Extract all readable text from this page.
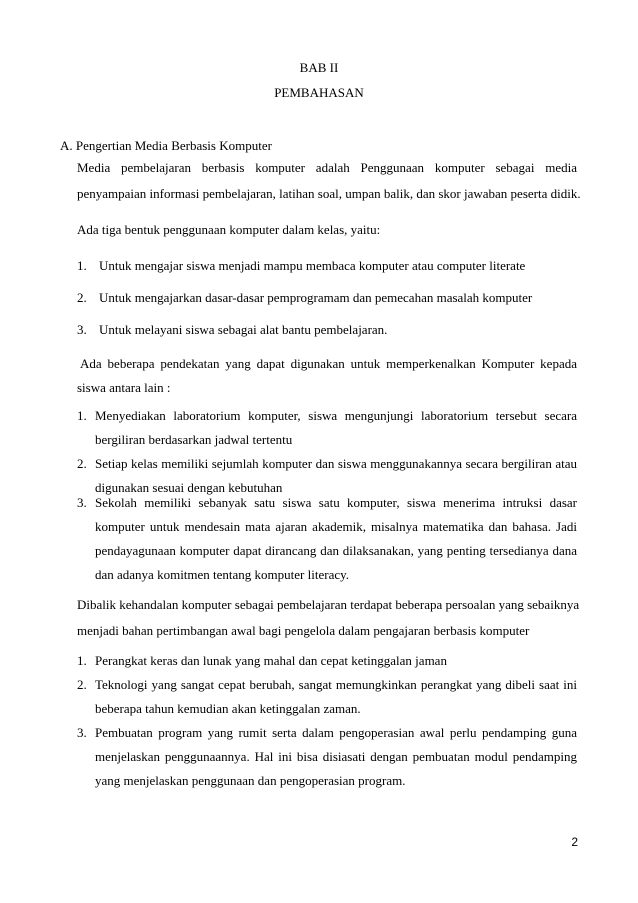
BAB II
PEMBAHASAN
A. Pengertian Media Berbasis Komputer
Media pembelajaran berbasis komputer adalah Penggunaan komputer sebagai media
penyampaian informasi pembelajaran, latihan soal, umpan balik, dan skor jawaban peserta didik.
Ada tiga bentuk penggunaan komputer dalam kelas, yaitu:
1. Untuk mengajar siswa menjadi mampu membaca komputer atau computer literate
2. Untuk mengajarkan dasar-dasar pemprogramam dan pemecahan masalah komputer
3. Untuk melayani siswa sebagai alat bantu pembelajaran.
Ada beberapa pendekatan yang dapat digunakan untuk memperkenalkan Komputer kepada
siswa antara lain :
1. Menyediakan laboratorium komputer, siswa mengunjungi laboratorium tersebut secara
bergiliran berdasarkan jadwal tertentu
2. Setiap kelas memiliki sejumlah komputer dan siswa menggunakannya secara bergiliran atau
digunakan sesuai dengan kebutuhan
3. Sekolah memiliki sebanyak satu siswa satu komputer, siswa menerima intruksi dasar
komputer untuk mendesain mata ajaran akademik, misalnya matematika dan bahasa. Jadi
pendayagunaan komputer dapat dirancang dan dilaksanakan, yang penting tersedianya dana
dan adanya komitmen tentang komputer literacy.
Dibalik kehandalan komputer sebagai pembelajaran terdapat beberapa persoalan yang sebaiknya
menjadi bahan pertimbangan awal bagi pengelola dalam pengajaran berbasis komputer
1. Perangkat keras dan lunak yang mahal dan cepat ketinggalan jaman
2. Teknologi yang sangat cepat berubah, sangat memungkinkan perangkat yang dibeli saat ini
beberapa tahun kemudian akan ketinggalan zaman.
3. Pembuatan program yang rumit serta dalam pengoperasian awal perlu pendamping guna
menjelaskan penggunaannya. Hal ini bisa disiasati dengan pembuatan modul pendamping
yang menjelaskan penggunaan dan pengoperasian program.
2
